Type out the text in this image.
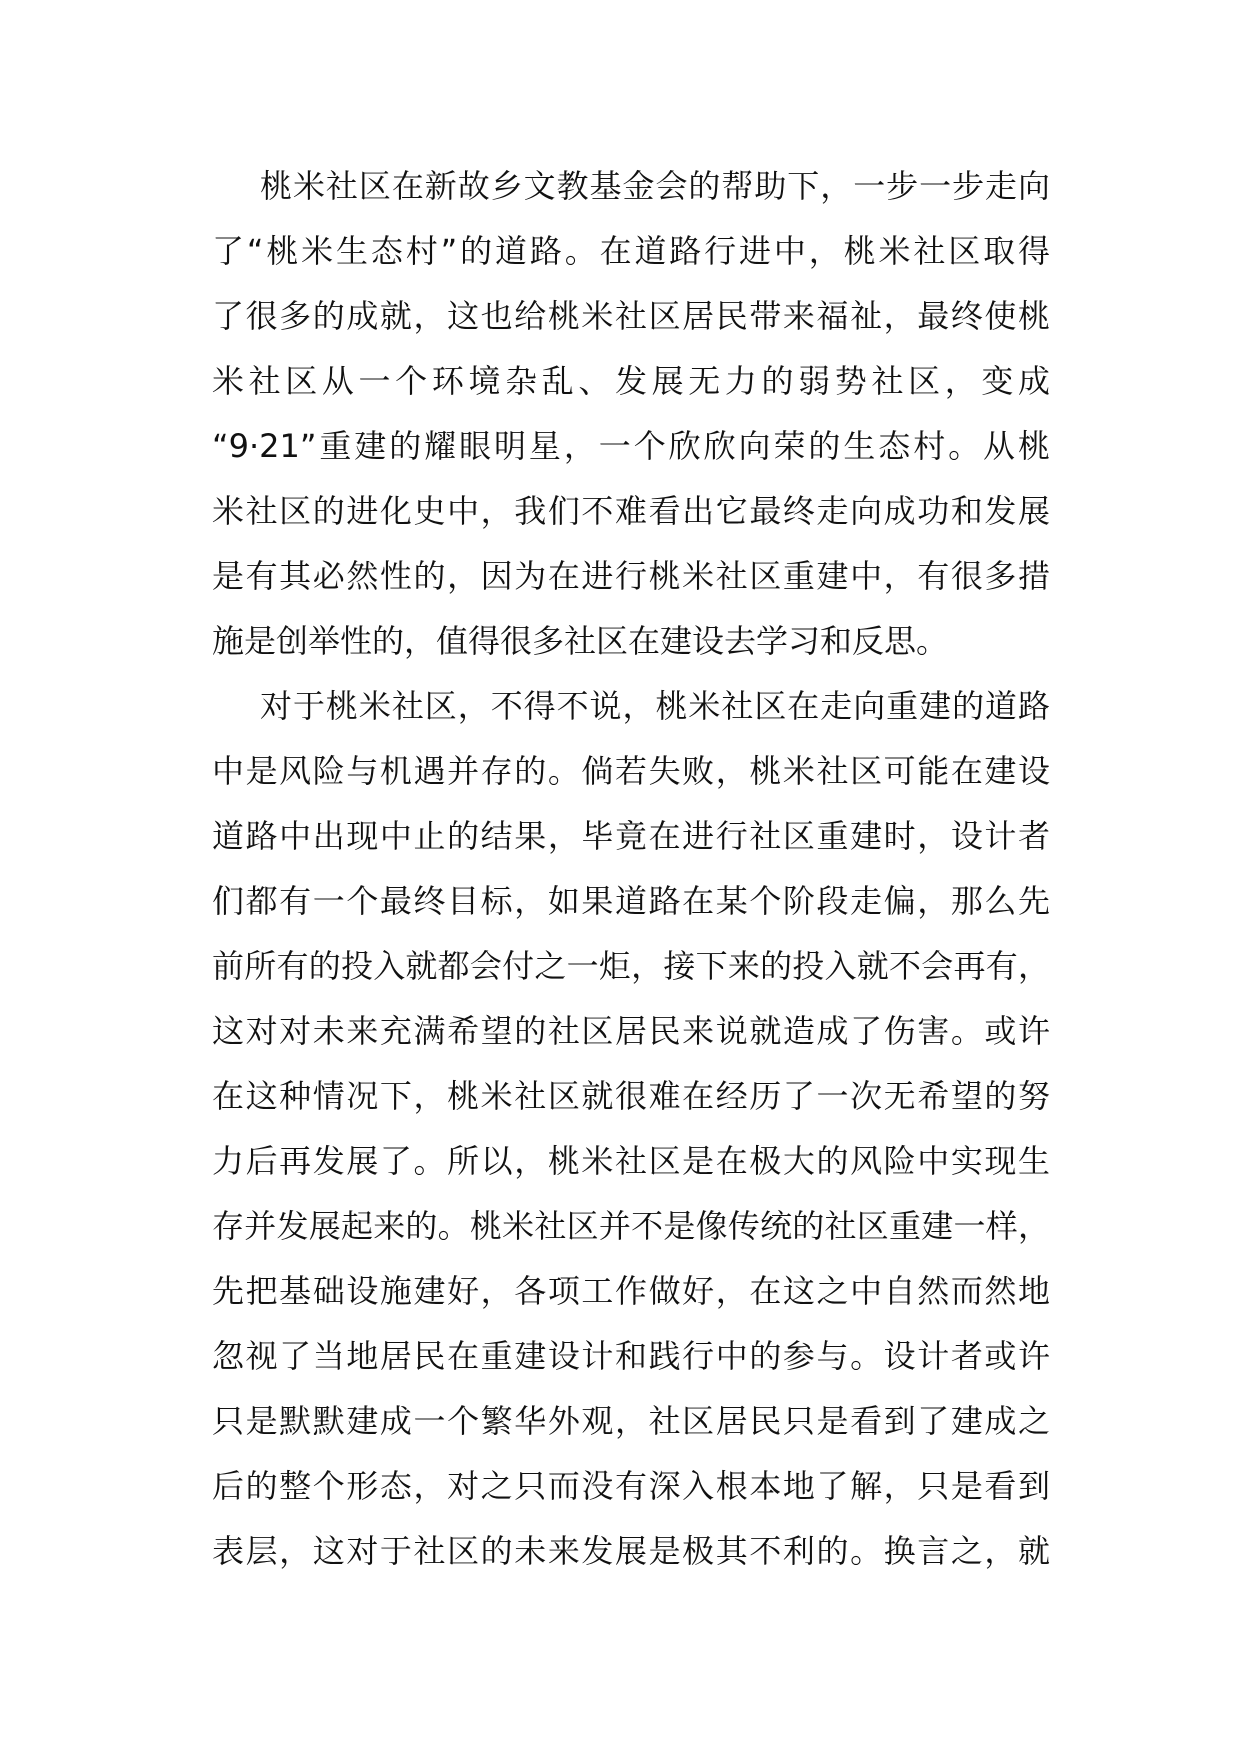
桃米社区在新故乡文教基金会的帮助下，一步一步走向
了“桃米生态村”的道路。在道路行进中，桃米社区取得
了很多的成就，这也给桃米社区居民带来福祉，最终使桃
米社区从一个环境杂乱、发展无力的弱势社区，变成
“9·21”重建的耀眼明星，一个欣欣向荣的生态村。从桃
米社区的进化史中，我们不难看出它最终走向成功和发展
是有其必然性的，因为在进行桃米社区重建中，有很多措
施是创举性的，值得很多社区在建设去学习和反思。
对于桃米社区，不得不说，桃米社区在走向重建的道路
中是风险与机遇并存的。倘若失败，桃米社区可能在建设
道路中出现中止的结果，毕竟在进行社区重建时，设计者
们都有一个最终目标，如果道路在某个阶段走偏，那么先
前所有的投入就都会付之一炬，接下来的投入就不会再有，
这对对未来充满希望的社区居民来说就造成了伤害。或许
在这种情况下，桃米社区就很难在经历了一次无希望的努
力后再发展了。所以，桃米社区是在极大的风险中实现生
存并发展起来的。桃米社区并不是像传统的社区重建一样，
先把基础设施建好，各项工作做好，在这之中自然而然地
忽视了当地居民在重建设计和践行中的参与。设计者或许
只是默默建成一个繁华外观，社区居民只是看到了建成之
后的整个形态，对之只而没有深入根本地了解，只是看到
表层，这对于社区的未来发展是极其不利的。换言之，就
